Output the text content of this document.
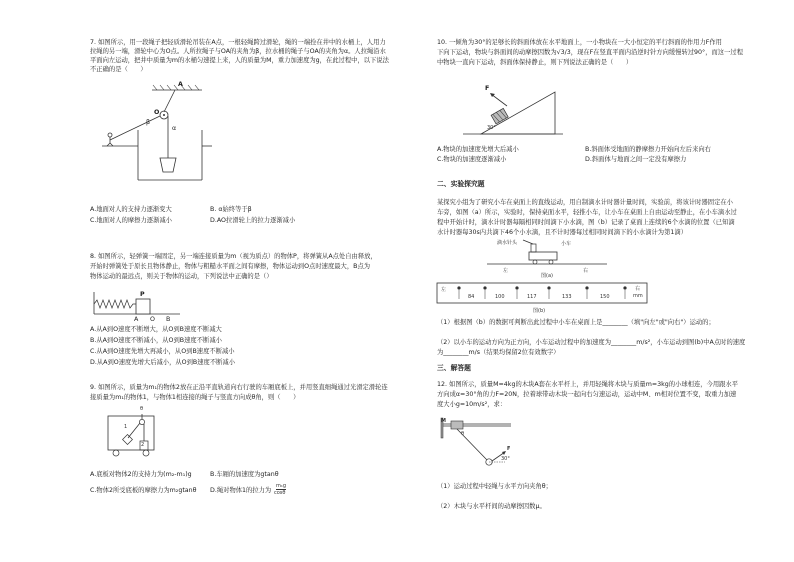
7. 如图所示，用一段绳子把轻质滑轮吊装在A点，一根轻绳跨过滑轮，绳的一端拴在井中的水桶上，人用力
拉绳的另一端，滑轮中心为O点。人所拉绳子与OA的夹角为β，拉水桶的绳子与OA的夹角为α。人拉绳沿水
平面向左运动，把井中质量为m的水桶匀速提上来，人的质量为M，重力加速度为g，在此过程中，以下说法
不正确的是（　　）
A
O
β
α
A.地面对人的支持力逐渐变大	B. α始终等于β
C.地面对人的摩擦力逐渐减小	D.AO拉滑轮上的拉力逐渐减小
8. 如图所示，轻弹簧一端固定，另一端连接质量为m（视为质点）的物体P，将弹簧从A点处自由释放，
开始时弹簧处于原长且物体静止，物体与粗糙水平面之间有摩擦，物体运动到O点时速度最大，B点为
物体运动的最远点，则关于物体的运动，下列说法中正确的是（）
P
A O B
A.从A到O速度不断增大，从O到B速度不断减大
B.从A到O速度不断减小，从O到B速度不断减小
C.从A到O速度先增大再减小，从O到B速度不断减小
D.从A到O速度先增大后减小，从O到B速度不断减小
9. 如图所示，质量为m₁的物体2放在正沿平直轨道向右行驶的车厢底板上，并用竖直细绳通过光滑定滑轮连
接质量为m₁的物体1，与物体1相连接的绳子与竖直方向成θ角，则（　　）
θ
1
2
A.底板对物体2的支持力为(m₂-m₁)g	B.车厢的加速度为gtanθ
C.物体2所受底板的摩擦力为m₂gtanθ D.绳对物体1的拉力为
m₁g
cosθ
10. 一倾角为30°的足够长的斜面体放在水平地面上，一小物块在一大小恒定的平行斜面的作用力F作用
下向下运动，物块与斜面间的动摩擦因数为√3/3，现在F在竖直平面内沿逆时针方向缓慢转过90°，而这一过程
中物块一直向下运动，斜面体保持静止，则下列说法正确的是（　　）
F
30°
A.物块的加速度先增大后减小	B.斜面体受地面的静摩擦力开始向左后来向右
C.物块的加速度逐渐减小	D.斜面体与地面之间一定没有摩擦力
二、实验探究题
某探究小组为了研究小车在桌面上的直线运动，用自制滴水计时器计量时间，实验前，将该计时器固定在小
车旁，如图（a）所示，实验时，保持桌面水平，轻推小车，让小车在桌面上自由运动至静止，在小车滴水过
程中开始计时，滴水计时器每隔相同时间滴下小水滴，图（b）记录了桌面上连续的6个水滴的位置（已知滴
水计时器每30s内共滴下46个小水滴，且不计时器每过相同时间滴下的小水滴计为第1滴）
滴水针头	小车
左	右
图(a)
左	右
mm
84	100	117	133	150
图(b)
（1）根据图（b）的数据可判断出此过程中小车在桌面上是________（填"向左"或"向右"）运动的；
（2）以小车的运动方向为正方向，小车运动过程中的加速度为________m/s²，小车运动到图(b)中A点时的速度
为________m/s（结果均保留2位有效数字）
三、解答题
12. 如图所示，质量M=4kg的木块A套在水平杆上，并用轻绳将木块与质量m=3kg的小球相连，今用跟水平
方向成α=30°角的力F=20N，拉着球带动木块一起向右匀速运动，运动中M、m相对位置不变，取重力加速
度大小g=10m/s²，求：
M
θ
F
30°
（1）运动过程中轻绳与水平方向夹角θ；
（2）木块与水平杆间的动摩擦因数μ。
